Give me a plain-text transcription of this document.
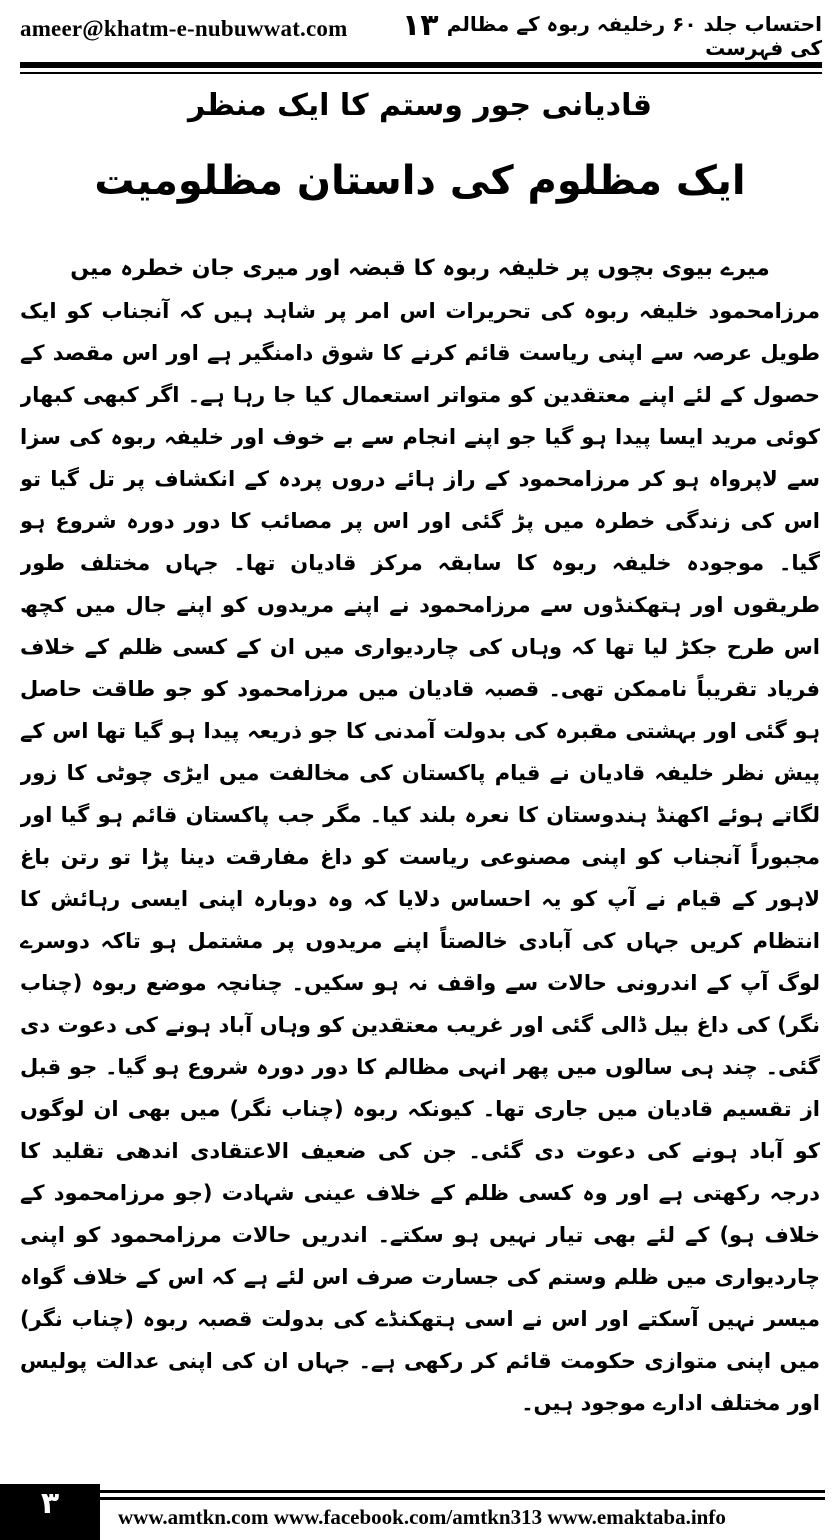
ameer@khatm-e-nubuwwat.com ۱۳ احتساب جلد ۶۰ رخلیفہ ربوہ کے مظالم کی فہرست
قادیانی جور وستم کا ایک منظر
ایک مظلوم کی داستان مظلومیت
میرے بیوی بچوں پر خلیفہ ربوہ کا قبضہ اور میری جان خطرہ میں

مرزامحمود خلیفہ ربوہ کی تحریرات اس امر پر شاہد ہیں کہ آنجناب کو ایک طویل عرصہ سے اپنی ریاست قائم کرنے کا شوق دامنگیر ہے اور اس مقصد کے حصول کے لئے اپنے معتقدین کو متواتر استعمال کیا جا رہا ہے۔ اگر کبھی کبھار کوئی مرید ایسا پیدا ہو گیا جو اپنے انجام سے بے خوف اور خلیفہ ربوہ کی سزا سے لاپرواہ ہو کر مرزامحمود کے راز ہائے دروں پردہ کے انکشاف پر تل گیا تو اس کی زندگی خطرہ میں پڑ گئی اور اس پر مصائب کا دور دورہ شروع ہو گیا۔ موجودہ خلیفہ ربوہ کا سابقہ مرکز قادیان تھا۔ جہاں مختلف طور طریقوں اور ہتھکنڈوں سے مرزامحمود نے اپنے مریدوں کو اپنے جال میں کچھ اس طرح جکڑ لیا تھا کہ وہاں کی چاردیواری میں ان کے کسی ظلم کے خلاف فریاد تقریباً ناممکن تھی۔ قصبہ قادیان میں مرزامحمود کو جو طاقت حاصل ہو گئی اور بہشتی مقبرہ کی بدولت آمدنی کا جو ذریعہ پیدا ہو گیا تھا اس کے پیش نظر خلیفہ قادیان نے قیام پاکستان کی مخالفت میں ایڑی چوٹی کا زور لگاتے ہوئے اکھنڈ ہندوستان کا نعرہ بلند کیا۔ مگر جب پاکستان قائم ہو گیا اور مجبوراً آنجناب کو اپنی مصنوعی ریاست کو داغ مفارقت دینا پڑا تو رتن باغ لاہور کے قیام نے آپ کو یہ احساس دلایا کہ وہ دوبارہ اپنی ایسی رہائش کا انتظام کریں جہاں کی آبادی خالصتاً اپنے مریدوں پر مشتمل ہو تاکہ دوسرے لوگ آپ کے اندرونی حالات سے واقف نہ ہو سکیں۔ چنانچہ موضع ربوہ (چناب نگر) کی داغ بیل ڈالی گئی اور غریب معتقدین کو وہاں آباد ہونے کی دعوت دی گئی۔ چند ہی سالوں میں پھر انہی مظالم کا دور دورہ شروع ہو گیا۔ جو قبل از تقسیم قادیان میں جاری تھا۔ کیونکہ ربوہ (چناب نگر) میں بھی ان لوگوں کو آباد ہونے کی دعوت دی گئی۔ جن کی ضعیف الاعتقادی اندھی تقلید کا درجہ رکھتی ہے اور وہ کسی ظلم کے خلاف عینی شہادت (جو مرزامحمود کے خلاف ہو) کے لئے بھی تیار نہیں ہو سکتے۔ اندریں حالات مرزامحمود کو اپنی چاردیواری میں ظلم وستم کی جسارت صرف اس لئے ہے کہ اس کے خلاف گواہ میسر نہیں آسکتے اور اس نے اسی ہتھکنڈے کی بدولت قصبہ ربوہ (چناب نگر) میں اپنی متوازی حکومت قائم کر رکھی ہے۔ جہاں ان کی اپنی عدالت پولیس اور مختلف ادارے موجود ہیں۔

۳	www.amtkn.com www.facebook.com/amtkn313 www.emaktaba.info
